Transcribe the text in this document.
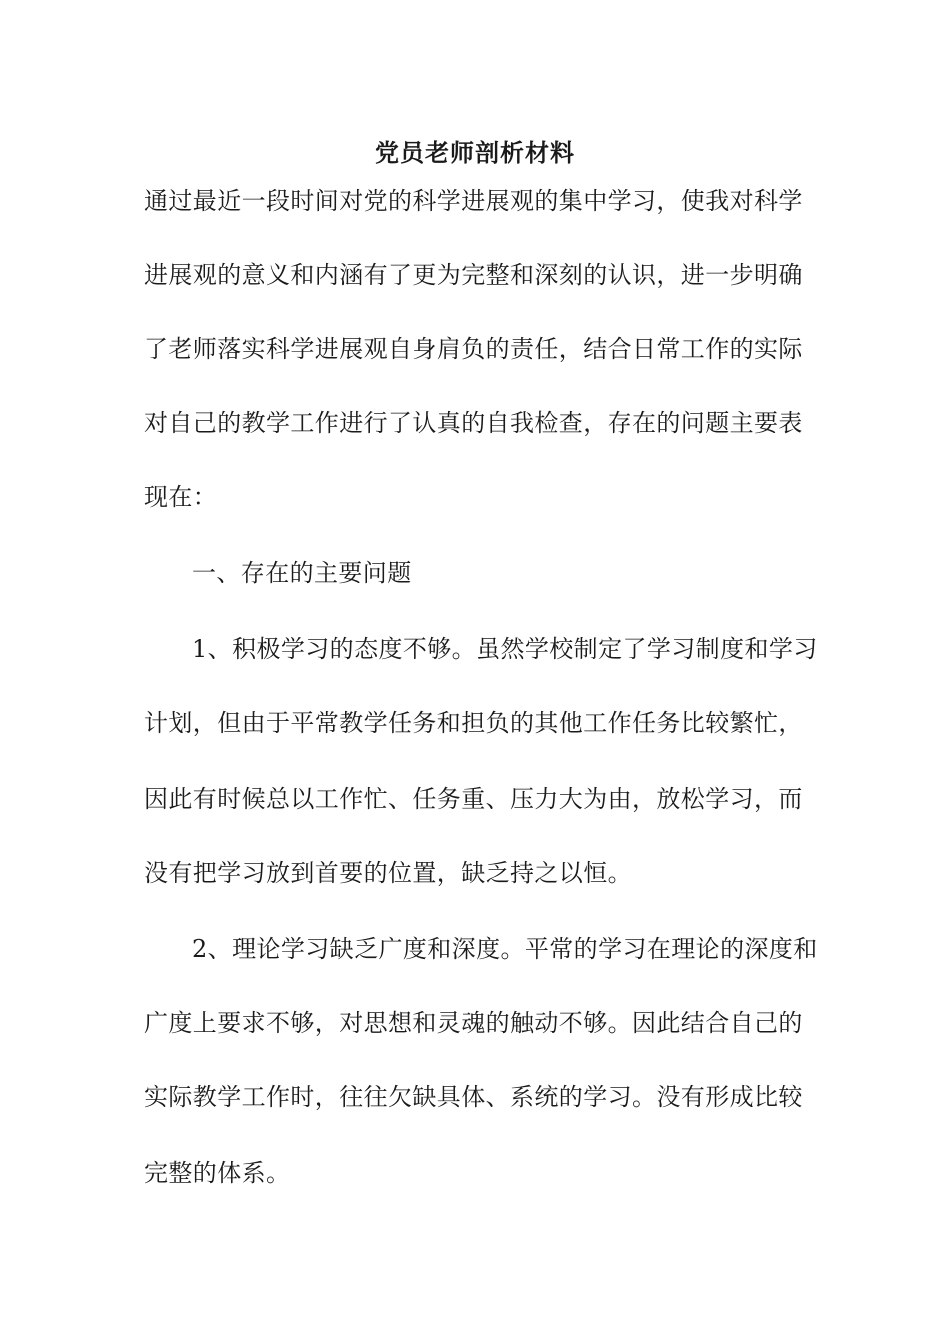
党员老师剖析材料
通过最近一段时间对党的科学进展观的集中学习，使我对科学
进展观的意义和内涵有了更为完整和深刻的认识，进一步明确
了老师落实科学进展观自身肩负的责任，结合日常工作的实际
对自己的教学工作进行了认真的自我检查，存在的问题主要表
现在：
一、存在的主要问题
1、积极学习的态度不够。虽然学校制定了学习制度和学习
计划，但由于平常教学任务和担负的其他工作任务比较繁忙，
因此有时候总以工作忙、任务重、压力大为由，放松学习，而
没有把学习放到首要的位置，缺乏持之以恒。
2、理论学习缺乏广度和深度。平常的学习在理论的深度和
广度上要求不够，对思想和灵魂的触动不够。因此结合自己的
实际教学工作时，往往欠缺具体、系统的学习。没有形成比较
完整的体系。
